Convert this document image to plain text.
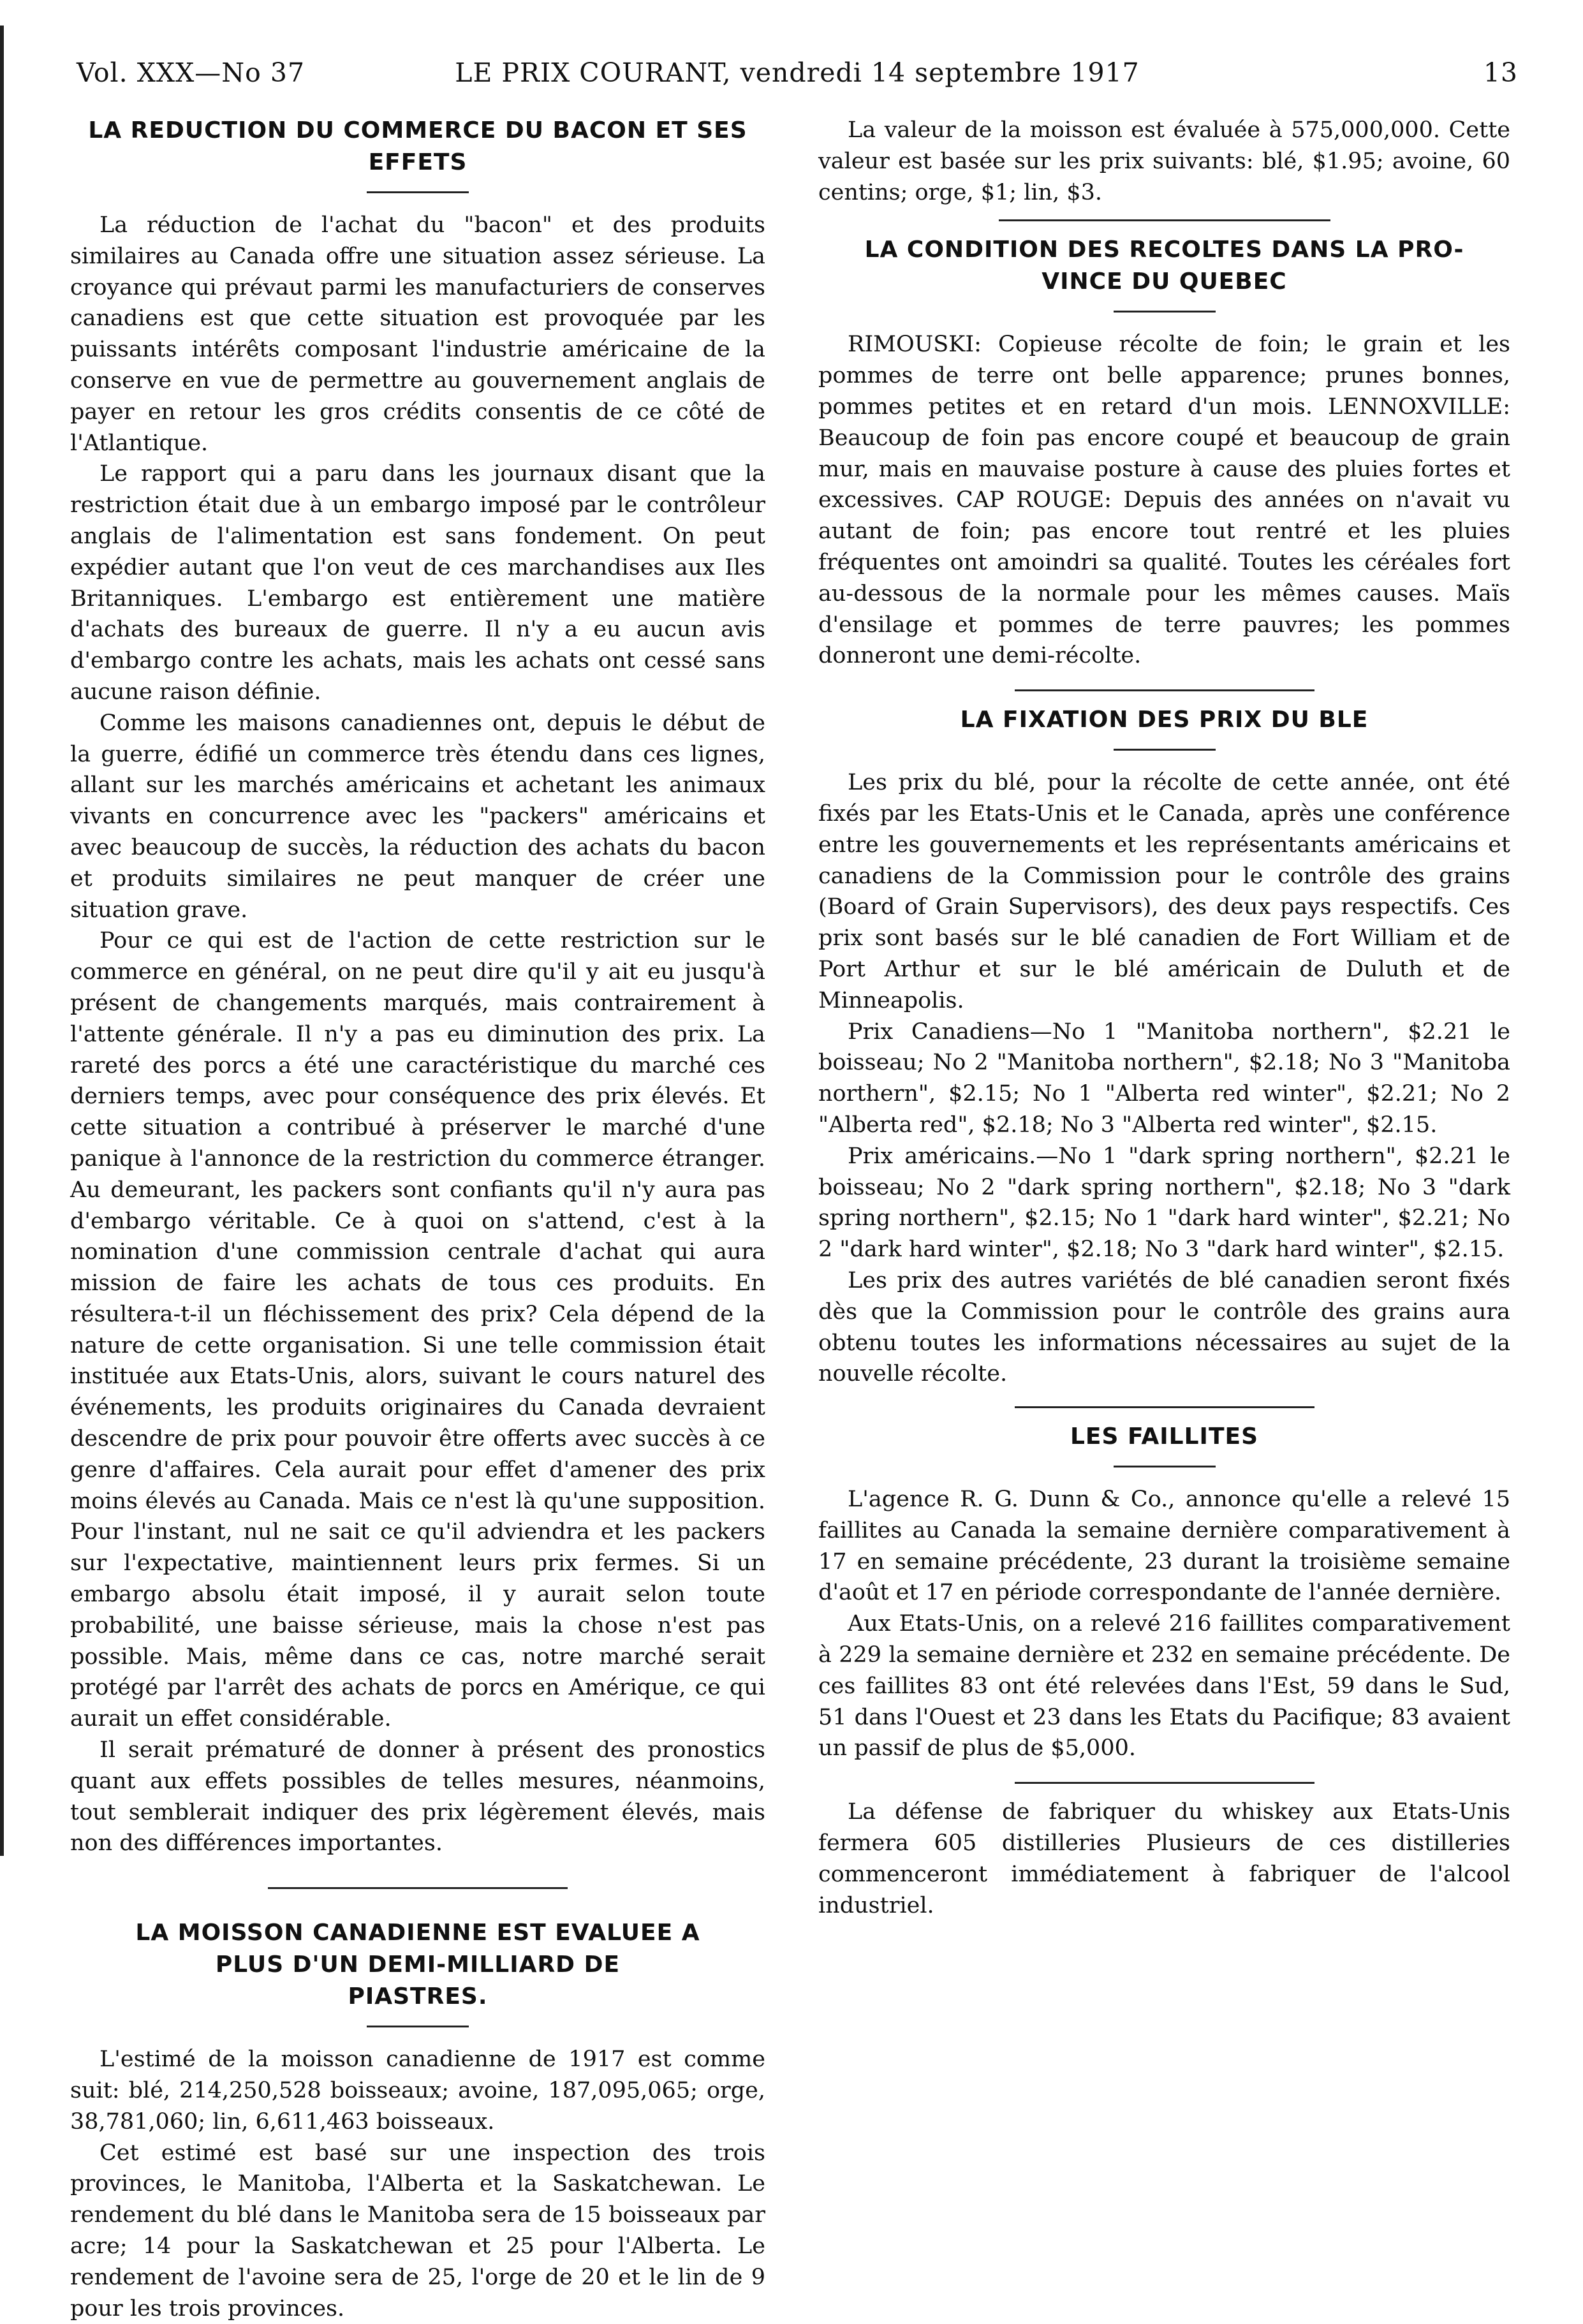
Vol. XXX—No 37	LE PRIX COURANT, vendredi 14 septembre 1917	13
LA REDUCTION DU COMMERCE DU BACON ET SES EFFETS

La réduction de l'achat du "bacon" et des produits similaires au Canada offre une situation assez sérieuse. La croyance qui prévaut parmi les manufacturiers de conserves canadiens est que cette situation est provoquée par les puissants intérêts composant l'industrie américaine de la conserve en vue de permettre au gouvernement anglais de payer en retour les gros crédits consentis de ce côté de l'Atlantique.

Le rapport qui a paru dans les journaux disant que la restriction était due à un embargo imposé par le contrôleur anglais de l'alimentation est sans fondement. On peut expédier autant que l'on veut de ces marchandises aux Iles Britanniques. L'embargo est entièrement une matière d'achats des bureaux de guerre. Il n'y a eu aucun avis d'embargo contre les achats, mais les achats ont cessé sans aucune raison définie.

Comme les maisons canadiennes ont, depuis le début de la guerre, édifié un commerce très étendu dans ces lignes, allant sur les marchés américains et achetant les animaux vivants en concurrence avec les "packers" américains et avec beaucoup de succès, la réduction des achats du bacon et produits similaires ne peut manquer de créer une situation grave.

Pour ce qui est de l'action de cette restriction sur le commerce en général, on ne peut dire qu'il y ait eu jusqu'à présent de changements marqués, mais contrairement à l'attente générale. Il n'y a pas eu diminution des prix. La rareté des porcs a été une caractéristique du marché ces derniers temps, avec pour conséquence des prix élevés. Et cette situation a contribué à préserver le marché d'une panique à l'annonce de la restriction du commerce étranger. Au demeurant, les packers sont confiants qu'il n'y aura pas d'embargo véritable. Ce à quoi on s'attend, c'est à la nomination d'une commission centrale d'achat qui aura mission de faire les achats de tous ces produits. En résultera-t-il un fléchissement des prix? Cela dépend de la nature de cette organisation. Si une telle commission était instituée aux Etats-Unis, alors, suivant le cours naturel des événements, les produits originaires du Canada devraient descendre de prix pour pouvoir être offerts avec succès à ce genre d'affaires. Cela aurait pour effet d'amener des prix moins élevés au Canada. Mais ce n'est là qu'une supposition. Pour l'instant, nul ne sait ce qu'il adviendra et les packers sur l'expectative, maintiennent leurs prix fermes. Si un embargo absolu était imposé, il y aurait selon toute probabilité, une baisse sérieuse, mais la chose n'est pas possible. Mais, même dans ce cas, notre marché serait protégé par l'arrêt des achats de porcs en Amérique, ce qui aurait un effet considérable.

Il serait prématuré de donner à présent des pronostics quant aux effets possibles de telles mesures, néanmoins, tout semblerait indiquer des prix légèrement élevés, mais non des différences importantes.

LA MOISSON CANADIENNE EST EVALUEE A
PLUS D'UN DEMI-MILLIARD DE
PIASTRES.

L'estimé de la moisson canadienne de 1917 est comme suit: blé, 214,250,528 boisseaux; avoine, 187,095,065; orge, 38,781,060; lin, 6,611,463 boisseaux.

Cet estimé est basé sur une inspection des trois provinces, le Manitoba, l'Alberta et la Saskatchewan. Le rendement du blé dans le Manitoba sera de 15 boisseaux par acre; 14 pour la Saskatchewan et 25 pour l'Alberta. Le rendement de l'avoine sera de 25, l'orge de 20 et le lin de 9 pour les trois provinces.

La valeur de la moisson est évaluée à 575,000,000. Cette valeur est basée sur les prix suivants: blé, $1.95; avoine, 60 centins; orge, $1; lin, $3.

LA CONDITION DES RECOLTES DANS LA PRO-
VINCE DU QUEBEC

RIMOUSKI: Copieuse récolte de foin; le grain et les pommes de terre ont belle apparence; prunes bonnes, pommes petites et en retard d'un mois. LENNOXVILLE: Beaucoup de foin pas encore coupé et beaucoup de grain mur, mais en mauvaise posture à cause des pluies fortes et excessives. CAP ROUGE: Depuis des années on n'avait vu autant de foin; pas encore tout rentré et les pluies fréquentes ont amoindri sa qualité. Toutes les céréales fort au-dessous de la normale pour les mêmes causes. Maïs d'ensilage et pommes de terre pauvres; les pommes donneront une demi-récolte.

LA FIXATION DES PRIX DU BLE

Les prix du blé, pour la récolte de cette année, ont été fixés par les Etats-Unis et le Canada, après une conférence entre les gouvernements et les représentants américains et canadiens de la Commission pour le contrôle des grains (Board of Grain Supervisors), des deux pays respectifs. Ces prix sont basés sur le blé canadien de Fort William et de Port Arthur et sur le blé américain de Duluth et de Minneapolis.

Prix Canadiens—No 1 "Manitoba northern", $2.21 le boisseau; No 2 "Manitoba northern", $2.18; No 3 "Manitoba northern", $2.15; No 1 "Alberta red winter", $2.21; No 2 "Alberta red", $2.18; No 3 "Alberta red winter", $2.15.

Prix américains.—No 1 "dark spring northern", $2.21 le boisseau; No 2 "dark spring northern", $2.18; No 3 "dark spring northern", $2.15; No 1 "dark hard winter", $2.21; No 2 "dark hard winter", $2.18; No 3 "dark hard winter", $2.15.

Les prix des autres variétés de blé canadien seront fixés dès que la Commission pour le contrôle des grains aura obtenu toutes les informations nécessaires au sujet de la nouvelle récolte.

LES FAILLITES

L'agence R. G. Dunn & Co., annonce qu'elle a relevé 15 faillites au Canada la semaine dernière comparativement à 17 en semaine précédente, 23 durant la troisième semaine d'août et 17 en période correspondante de l'année dernière.

Aux Etats-Unis, on a relevé 216 faillites comparativement à 229 la semaine dernière et 232 en semaine précédente. De ces faillites 83 ont été relevées dans l'Est, 59 dans le Sud, 51 dans l'Ouest et 23 dans les Etats du Pacifique; 83 avaient un passif de plus de $5,000.

La défense de fabriquer du whiskey aux Etats-Unis fermera 605 distilleries Plusieurs de ces distilleries commenceront immédiatement à fabriquer de l'alcool industriel.
